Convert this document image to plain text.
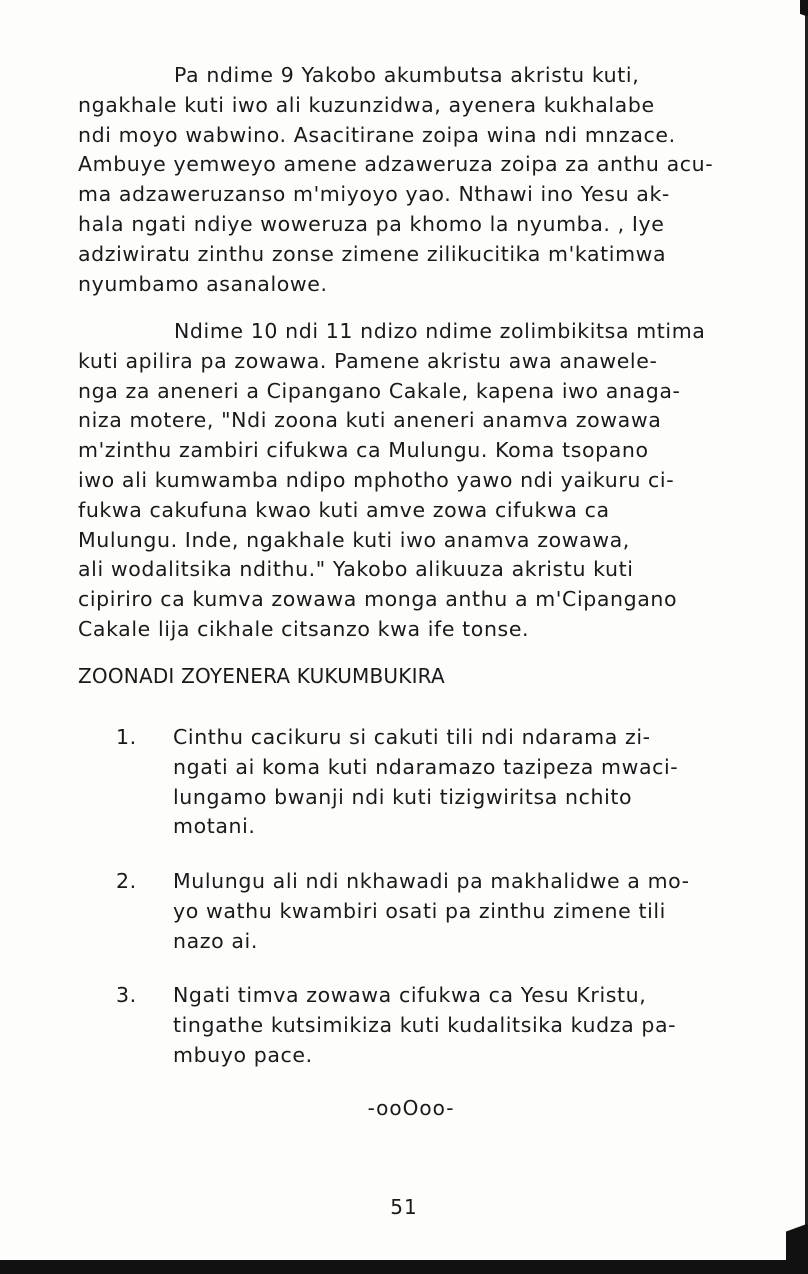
Pa ndime 9 Yakobo akumbutsa akristu kuti,
ngakhale kuti iwo ali kuzunzidwa, ayenera kukhalabe
ndi moyo wabwino. Asacitirane zoipa wina ndi mnzace.
Ambuye yemweyo amene adzaweruza zoipa za anthu acu-
ma adzaweruzanso m'miyoyo yao. Nthawi ino Yesu ak-
hala ngati ndiye woweruza pa khomo la nyumba. , Iye
adziwiratu zinthu zonse zimene zilikucitika m'katimwa
nyumbamo asanalowe.
Ndime 10 ndi 11 ndizo ndime zolimbikitsa mtima
kuti apilira pa zowawa. Pamene akristu awa anawele-
nga za aneneri a Cipangano Cakale, kapena iwo anaga-
niza motere, "Ndi zoona kuti aneneri anamva zowawa
m'zinthu zambiri cifukwa ca Mulungu. Koma tsopano
iwo ali kumwamba ndipo mphotho yawo ndi yaikuru ci-
fukwa cakufuna kwao kuti amve zowa cifukwa ca
Mulungu. Inde, ngakhale kuti iwo anamva zowawa,
ali wodalitsika ndithu." Yakobo alikuuza akristu kuti
cipiriro ca kumva zowawa monga anthu a m'Cipangano
Cakale lija cikhale citsanzo kwa ife tonse.
ZOONADI ZOYENERA KUKUMBUKIRA
1.	Cinthu cacikuru si cakuti tili ndi ndarama zi-
ngati ai koma kuti ndaramazo tazipeza mwaci-
lungamo bwanji ndi kuti tizigwiritsa nchito
motani.
2.	Mulungu ali ndi nkhawadi pa makhalidwe a mo-
yo wathu kwambiri osati pa zinthu zimene tili
nazo ai.
3.	Ngati timva zowawa cifukwa ca Yesu Kristu,
tingathe kutsimikiza kuti kudalitsika kudza pa-
mbuyo pace.
-ooOoo-
51
